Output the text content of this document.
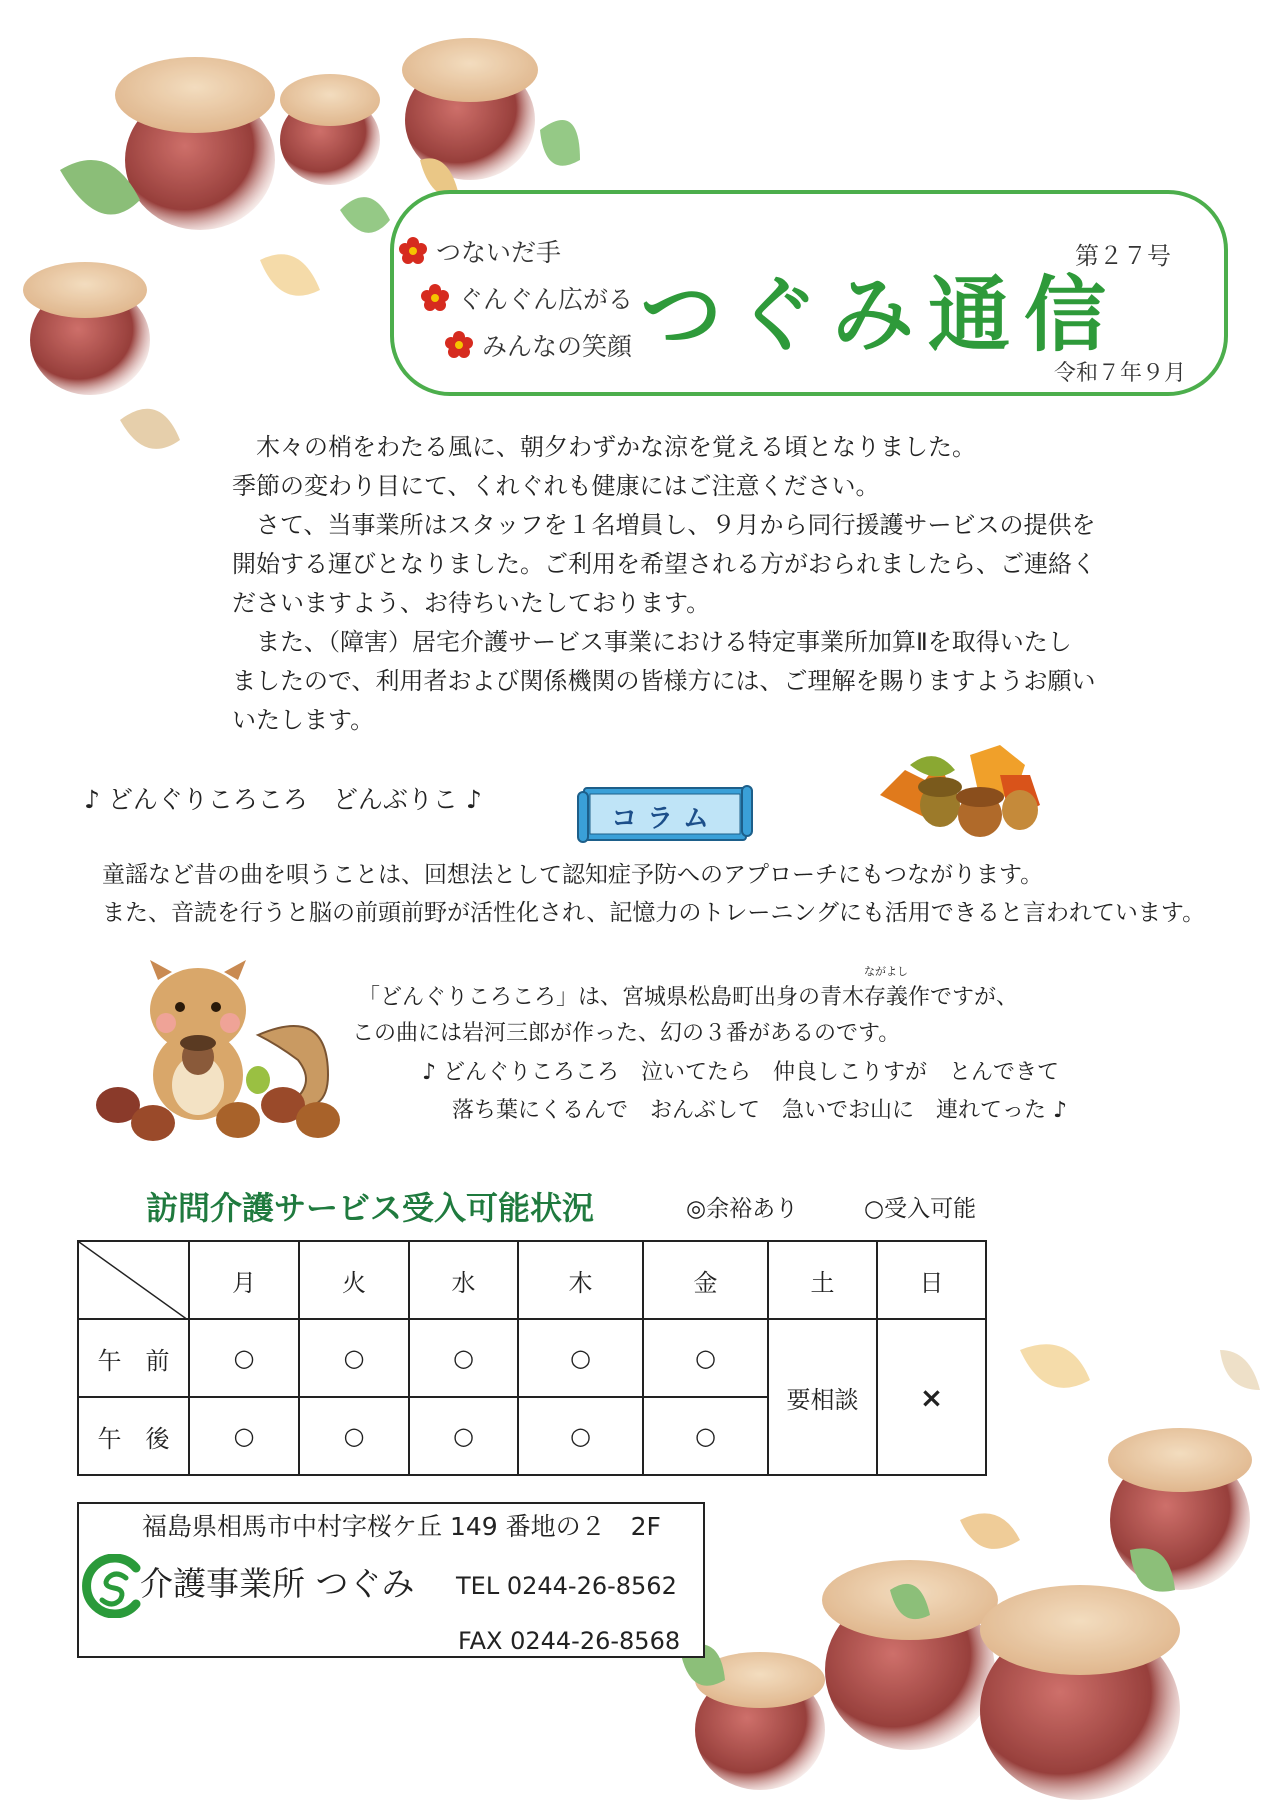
つないだ手
ぐんぐん広がる
みんなの笑顔 つぐみ通信
第２７号
令和７年９月

　木々の梢をわたる風に、朝夕わずかな涼を覚える頃となりました。

季節の変わり目にて、くれぐれも健康にはご注意ください。

　さて、当事業所はスタッフを１名増員し、９月から同行援護サービスの提供を

開始する運びとなりました。ご利用を希望される方がおられましたら、ご連絡く

ださいますよう、お待ちいたしております。

　また、（障害）居宅介護サービス事業における特定事業所加算Ⅱを取得いたし

ましたので、利用者および関係機関の皆様方には、ご理解を賜りますようお願い

いたします。

♪ どんぐりころころ　どんぶりこ ♪
コラム
童謡など昔の曲を唄うことは、回想法として認知症予防へのアプローチにもつながります。
また、音読を行うと脳の前頭前野が活性化され、記憶力のトレーニングにも活用できると言われています。
「どんぐりころころ」は、宮城県松島町出身の青木
ながよし
存義作ですが、
この曲には岩河三郎が作った、幻の３番があるのです。
♪ どんぐりころころ　泣いてたら　仲良しこりすが　とんできて
落ち葉にくるんで　おんぶして　急いでお山に　連れてった ♪
訪問介護サービス受入可能状況	◎余裕あり	○受入可能
	月	火	水	木	金	土	日
午　前	○	○	○	○	○	要相談	×
午　後	○	○	○	○	○		
福島県相馬市中村字桜ケ丘 149 番地の２　2F
介護事業所 つぐみ TEL 0244-26-8562
FAX 0244-26-8568
